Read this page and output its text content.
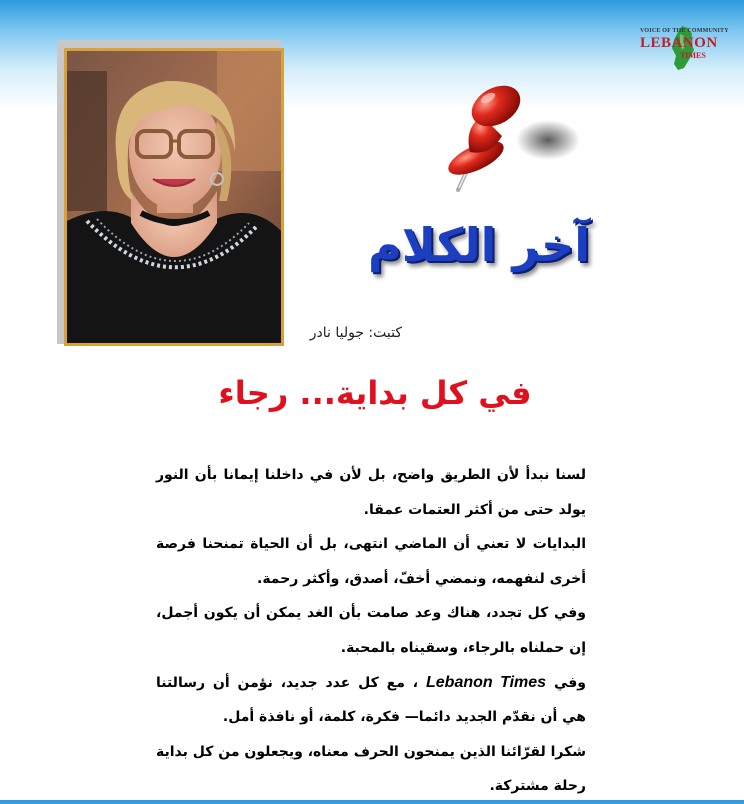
VOICE OF THE COMMUNITY
LEBANON
TIMES
آخر الكلام
كتبت: جوليا نادر
في كل بداية... رجاء
لسنا نبدأ لأن الطريق واضح، بل لأن في داخلنا إيمانا بأن النور
يولد حتى من أكثر العتمات عمقا.
البدايات لا تعني أن الماضي انتهى، بل أن الحياة تمنحنا فرصة
أخرى لنفهمه، ونمضي أخفّ، أصدق، وأكثر رحمة.
وفي كل تجدد، هناك وعد صامت بأن الغد يمكن أن يكون أجمل،
إن حملناه بالرجاء، وسقيناه بالمحبة.
وفي Lebanon Times ، مع كل عدد جديد، نؤمن أن رسالتنا
هي أن نقدّم الجديد دائما— فكرة، كلمة، أو نافذة أمل.
شكرا لقرّائنا الذين يمنحون الحرف معناه، ويجعلون من كل بداية
رحلة مشتركة.
